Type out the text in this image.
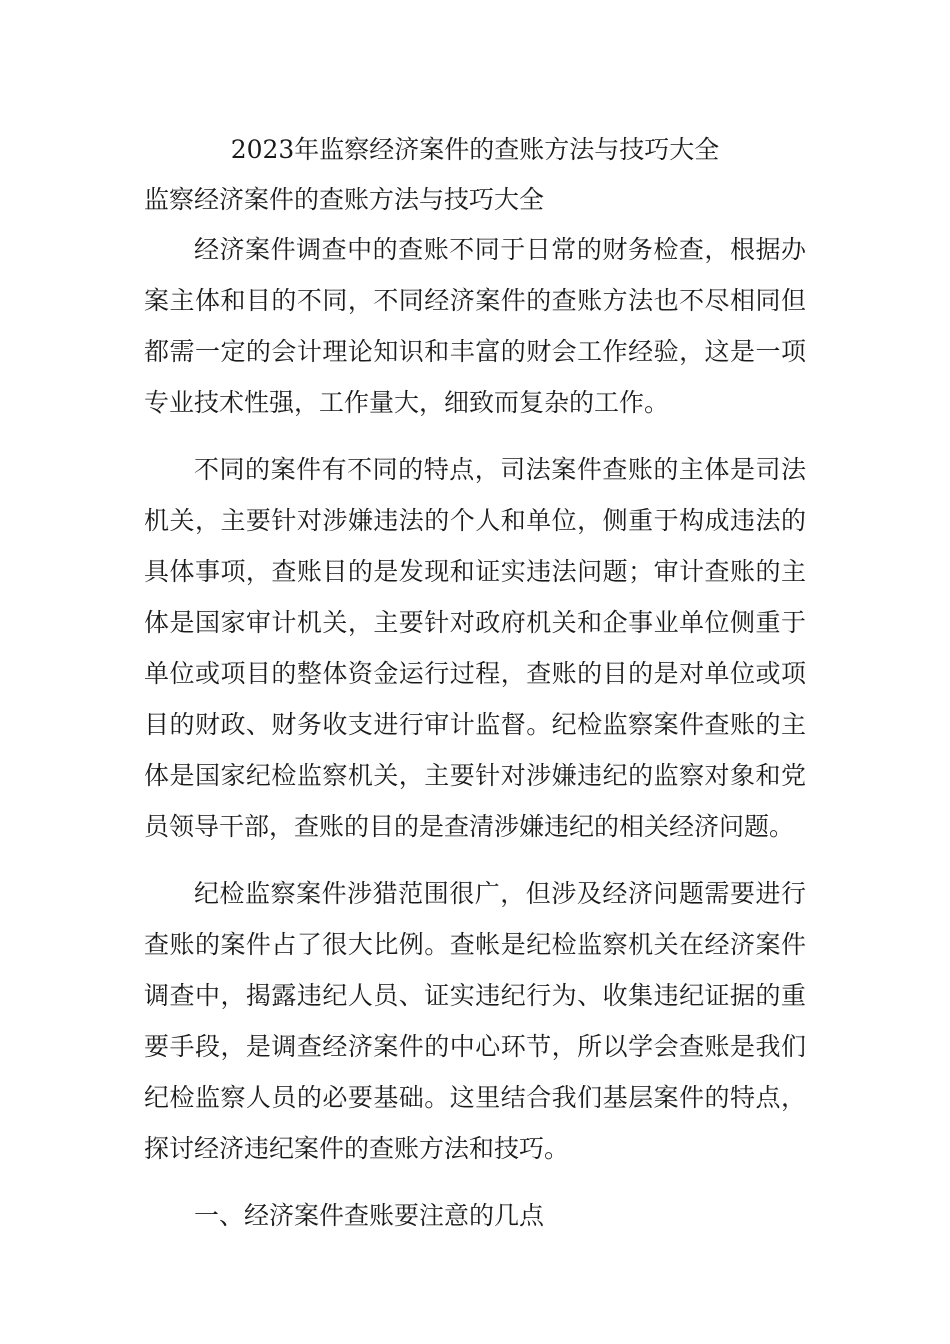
2023年监察经济案件的查账方法与技巧大全
监察经济案件的查账方法与技巧大全

经济案件调查中的查账不同于日常的财务检查，根据办案主体和目的不同，不同经济案件的查账方法也不尽相同但都需一定的会计理论知识和丰富的财会工作经验，这是一项专业技术性强，工作量大，细致而复杂的工作。

不同的案件有不同的特点，司法案件查账的主体是司法机关，主要针对涉嫌违法的个人和单位，侧重于构成违法的具体事项，查账目的是发现和证实违法问题；审计查账的主体是国家审计机关，主要针对政府机关和企事业单位侧重于单位或项目的整体资金运行过程，查账的目的是对单位或项目的财政、财务收支进行审计监督。纪检监察案件查账的主体是国家纪检监察机关，主要针对涉嫌违纪的监察对象和党员领导干部，查账的目的是查清涉嫌违纪的相关经济问题。

纪检监察案件涉猎范围很广，但涉及经济问题需要进行查账的案件占了很大比例。查帐是纪检监察机关在经济案件调查中，揭露违纪人员、证实违纪行为、收集违纪证据的重要手段，是调查经济案件的中心环节，所以学会查账是我们纪检监察人员的必要基础。这里结合我们基层案件的特点，探讨经济违纪案件的查账方法和技巧。

一、经济案件查账要注意的几点
